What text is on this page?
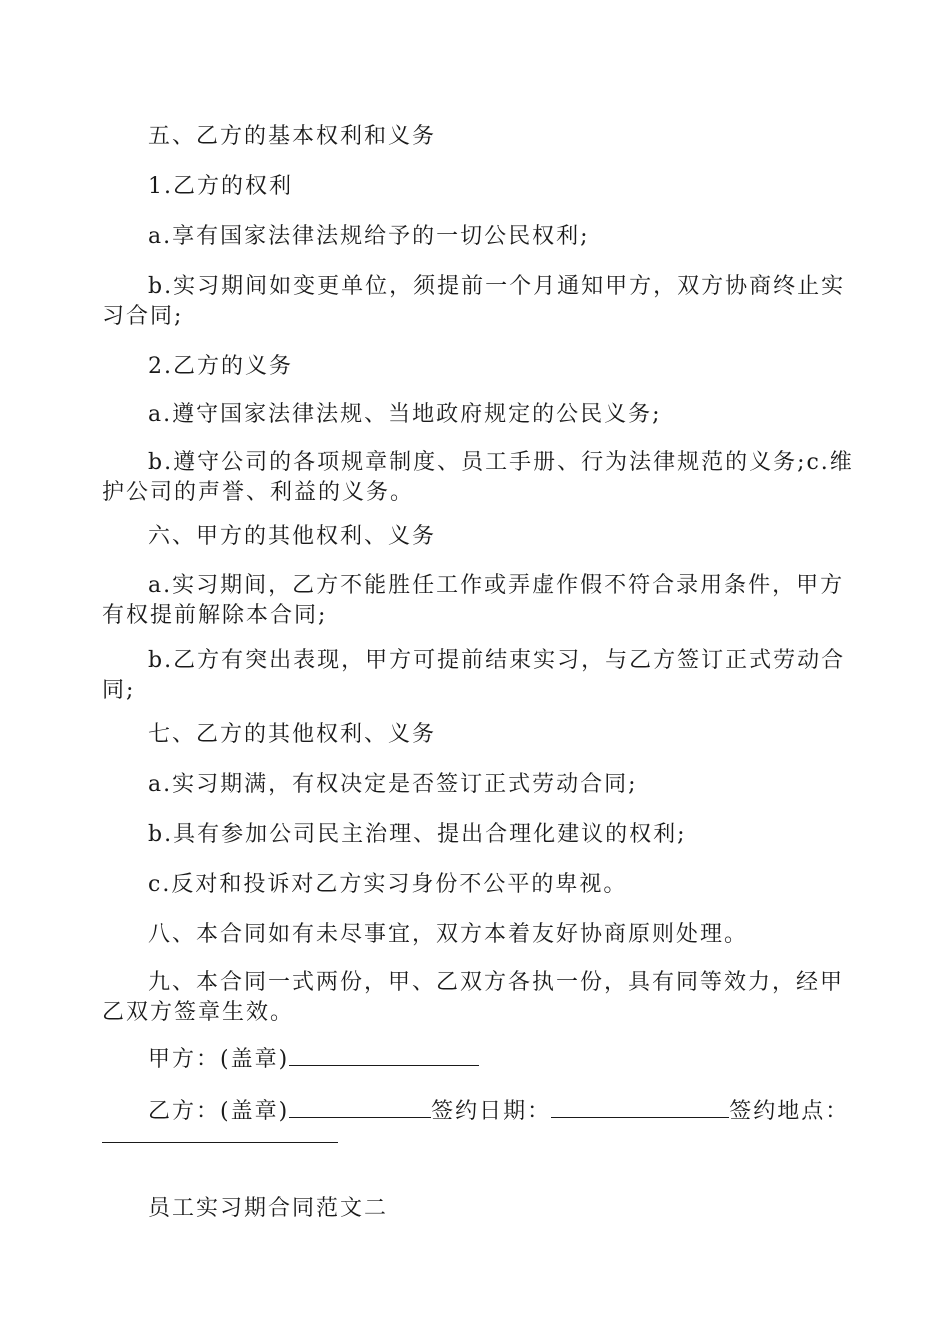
五、乙方的基本权利和义务
1.乙方的权利
a.享有国家法律法规给予的一切公民权利;
b.实习期间如变更单位，须提前一个月通知甲方，双方协商终止实习合同;
2.乙方的义务
a.遵守国家法律法规、当地政府规定的公民义务;
b.遵守公司的各项规章制度、员工手册、行为法律规范的义务;c.维护公司的声誉、利益的义务。
六、甲方的其他权利、义务
a.实习期间，乙方不能胜任工作或弄虚作假不符合录用条件，甲方有权提前解除本合同;
b.乙方有突出表现，甲方可提前结束实习，与乙方签订正式劳动合同;
七、乙方的其他权利、义务
a.实习期满，有权决定是否签订正式劳动合同;
b.具有参加公司民主治理、提出合理化建议的权利;
c.反对和投诉对乙方实习身份不公平的卑视。
八、本合同如有未尽事宜，双方本着友好协商原则处理。
九、本合同一式两份，甲、乙双方各执一份，具有同等效力，经甲乙双方签章生效。
甲方：(盖章)
乙方：(盖章)	签约日期：	签约地点：
员工实习期合同范文二
